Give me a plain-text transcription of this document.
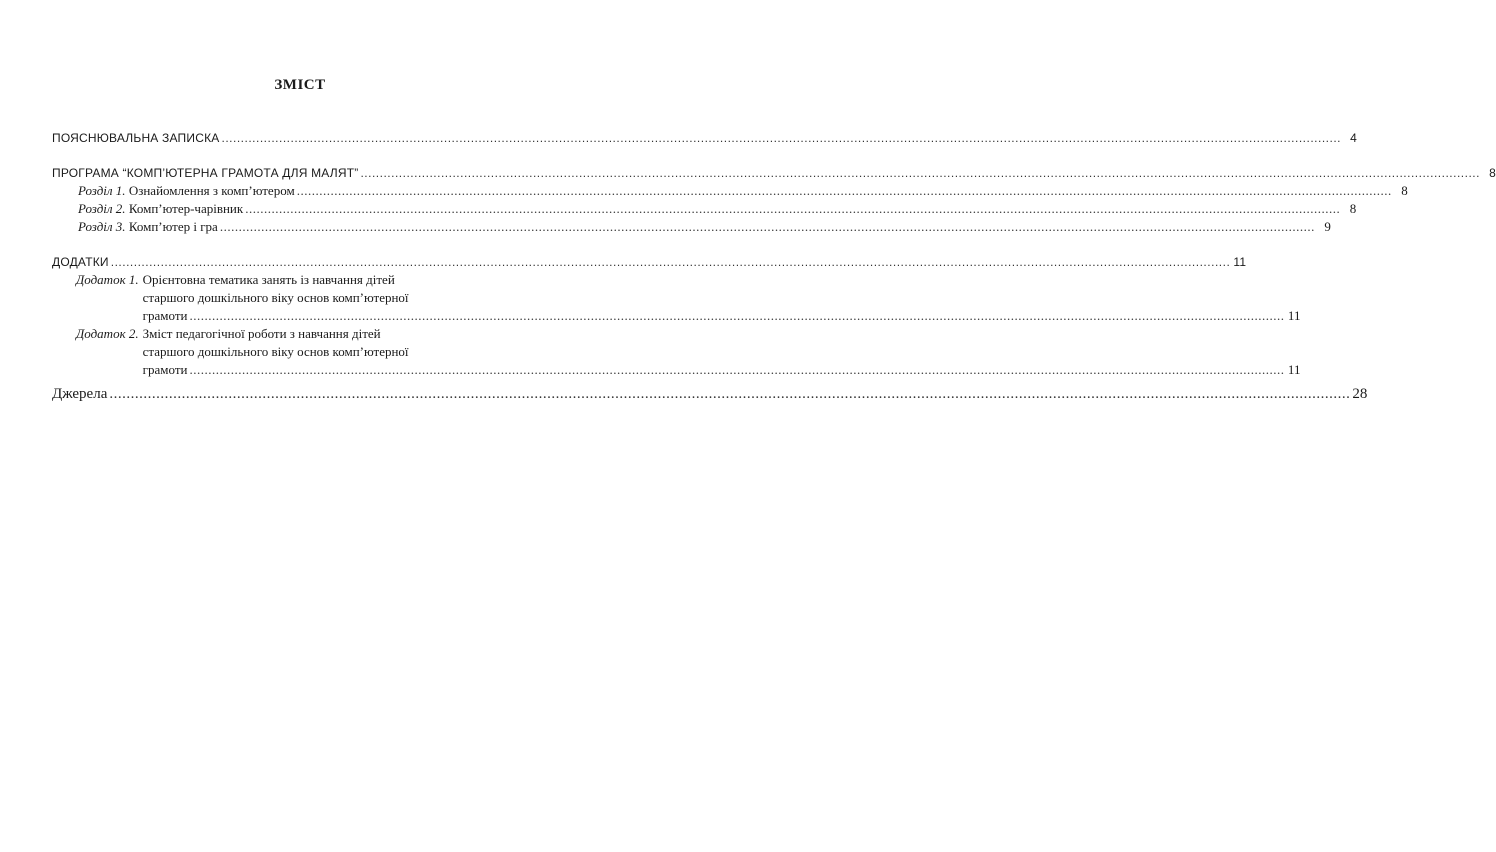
ЗМІСТ
ПОЯСНЮВАЛЬНА ЗАПИСКА .....	4
ПРОГРАМА “КОМП’ЮТЕРНА ГРАМОТА ДЛЯ МАЛЯТ” .....	8
Розділ 1. Ознайомлення з комп’ютером .....	8
Розділ 2. Комп’ютер-чарівник .....	8
Розділ 3. Комп’ютер і гра .....	9
ДОДАТКИ .....	11
Додаток 1. Орієнтовна тематика занять із навчання дітей
старшого дошкільного віку основ комп’ютерної
грамоти .....	11
Додаток 2. Зміст педагогічної роботи з навчання дітей
старшого дошкільного віку основ комп’ютерної
грамоти .....	11
Джерела .....	28
